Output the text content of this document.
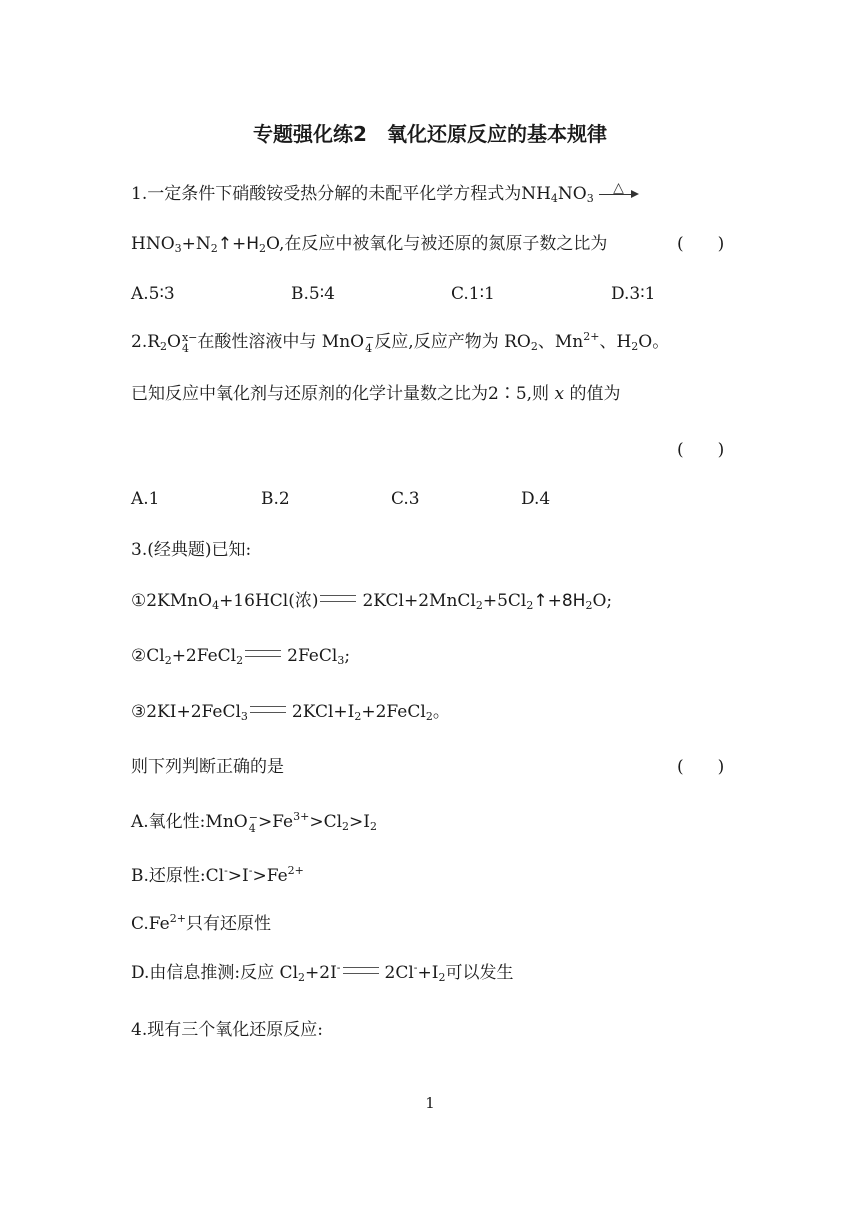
专题强化练2　氧化还原反应的基本规律
1.一定条件下硝酸铵受热分解的未配平化学方程式为$NH_4NO_3$
△
$HNO_3+N_2↑+H_2O$,在反应中被氧化与被还原的氮原子数之比为	(　　)
A.5∶3	B.5∶4	C.1∶1	D.3∶1
$2.R_2O$ x−
4 在酸性溶液中与 MnO −
4 反应,反应产物为 $RO_2$、$Mn^{2+}$、$H_2O$。
已知反应中氧化剂与还原剂的化学计量数之比为2∶5,则 x 的值为
(　　)
A.1	B.2	C.3	D.4
3.(经典题)已知:
①2KMnO$_4$+16HCl(浓)	$2KCl+2MnCl_2+5Cl_2↑+8H_2O$;
$②Cl_2+2FeCl_2$	2FeCl$_3$;
③2KI+2FeCl$_3$	$2KCl+I_2+2FeCl_2$。
则下列判断正确的是	(　　)
A.氧化性:MnO −
$4 >Fe^{3+}>Cl_2>I_2$
B.还原性$:Cl^->I^->Fe^{2+}$
$C.Fe^{2+}$只有还原性
D.由信息推测:反应 $Cl_2+2I^-$	$2Cl^-+I_2$可以发生
4.现有三个氧化还原反应:
1
